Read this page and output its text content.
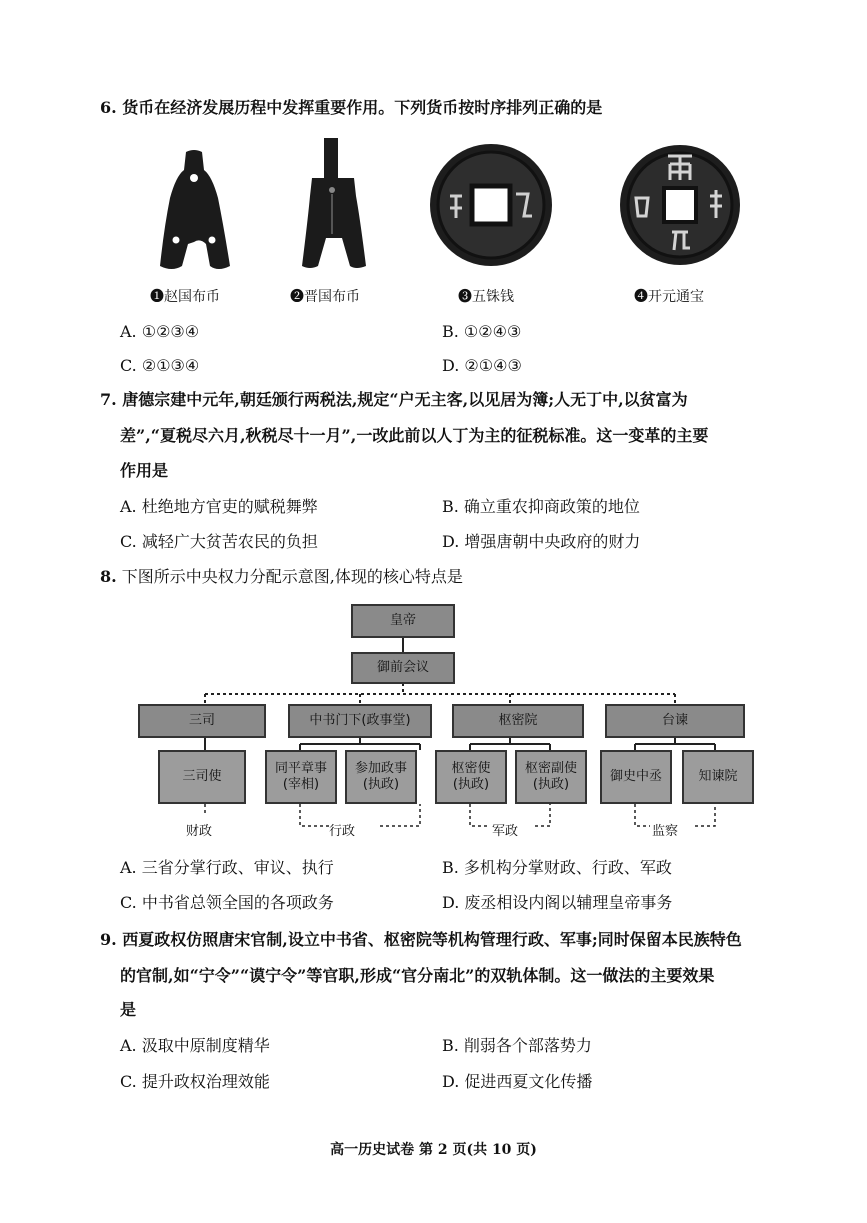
6. 货币在经济发展历程中发挥重要作用。下列货币按时序排列正确的是
❶赵国布币	❷晋国布币	❸五铢钱	❹开元通宝
A. ①②③④	B. ①②④③
C. ②①③④	D. ②①④③
7. 唐德宗建中元年,朝廷颁行两税法,规定“户无主客,以见居为簿;人无丁中,以贫富为
差”,“夏税尽六月,秋税尽十一月”,一改此前以人丁为主的征税标准。这一变革的主要
作用是
A. 杜绝地方官吏的赋税舞弊	B. 确立重农抑商政策的地位
C. 减轻广大贫苦农民的负担	D. 增强唐朝中央政府的财力
8. 下图所示中央权力分配示意图,体现的核心特点是
皇帝
御前会议
三司	中书门下(政事堂)	枢密院	台谏
三司使
同平章事
(宰相)
参加政事
(执政)
枢密使
(执政)
枢密副使
(执政)
御史中丞	知谏院
财政	行政	军政	监察
A. 三省分掌行政、审议、执行	B. 多机构分掌财政、行政、军政
C. 中书省总领全国的各项政务	D. 废丞相设内阁以辅理皇帝事务
9. 西夏政权仿照唐宋官制,设立中书省、枢密院等机构管理行政、军事;同时保留本民族特色
的官制,如“宁令”“谟宁令”等官职,形成“官分南北”的双轨体制。这一做法的主要效果
是
A. 汲取中原制度精华	B. 削弱各个部落势力
C. 提升政权治理效能	D. 促进西夏文化传播
高一历史试卷 第 2 页(共 10 页)
